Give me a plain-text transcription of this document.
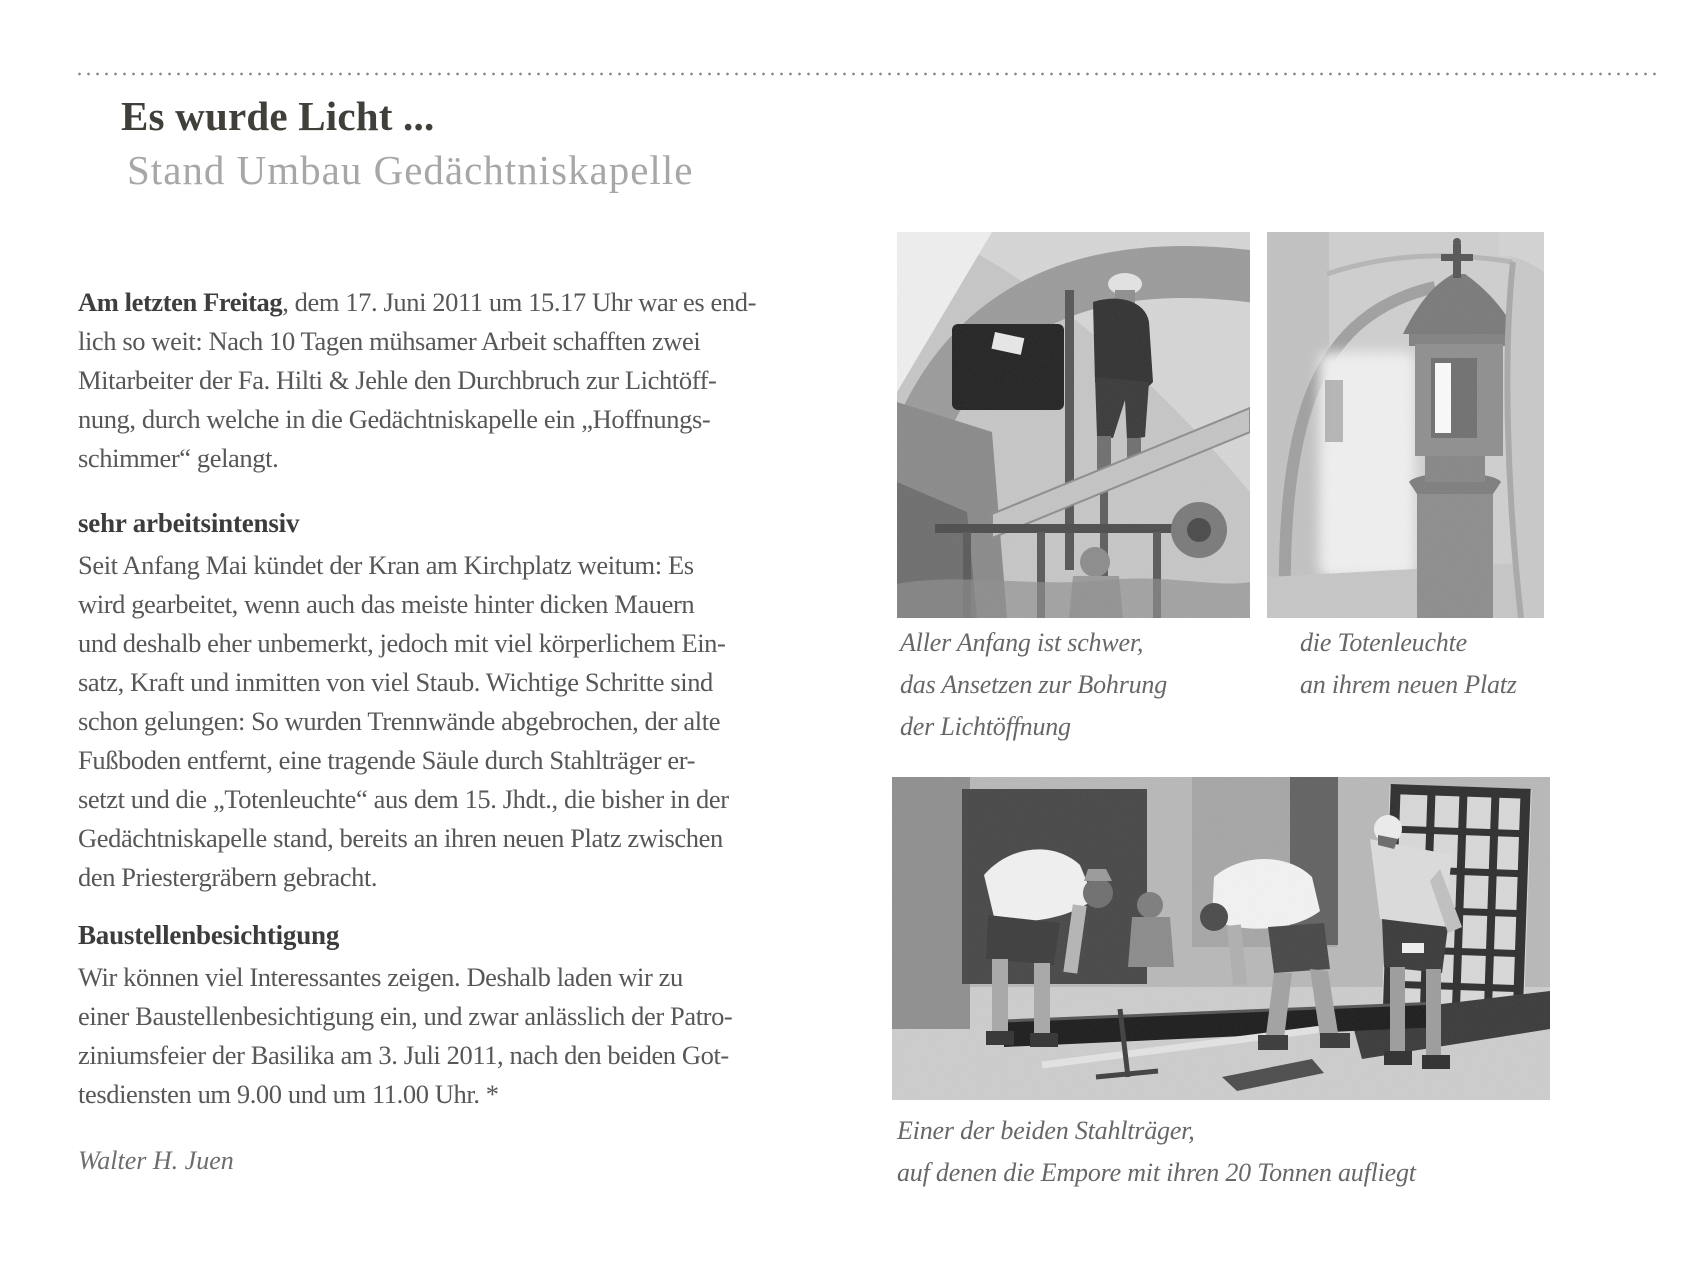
Es wurde Licht ...
Stand Umbau Gedächtniskapelle
Am letzten Freitag, dem 17. Juni 2011 um 15.17 Uhr war es end-
lich so weit: Nach 10 Tagen mühsamer Arbeit schafften zwei
Mitarbeiter der Fa. Hilti & Jehle den Durchbruch zur Lichtöff-
nung, durch welche in die Gedächtniskapelle ein „Hoffnungs-
schimmer“ gelangt.
sehr arbeitsintensiv
Seit Anfang Mai kündet der Kran am Kirchplatz weitum: Es
wird gearbeitet, wenn auch das meiste hinter dicken Mauern
und deshalb eher unbemerkt, jedoch mit viel körperlichem Ein-
satz, Kraft und inmitten von viel Staub. Wichtige Schritte sind
schon gelungen: So wurden Trennwände abgebrochen, der alte
Fußboden entfernt, eine tragende Säule durch Stahlträger er-
setzt und die „Totenleuchte“ aus dem 15. Jhdt., die bisher in der
Gedächtniskapelle stand, bereits an ihren neuen Platz zwischen
den Priestergräbern gebracht.
Baustellenbesichtigung
Wir können viel Interessantes zeigen. Deshalb laden wir zu
einer Baustellenbesichtigung ein, und zwar anlässlich der Patro-
ziniumsfeier der Basilika am 3. Juli 2011, nach den beiden Got-
tesdiensten um 9.00 und um 11.00 Uhr. *
Walter H. Juen
Aller Anfang ist schwer,
das Ansetzen zur Bohrung
der Lichtöffnung
die Totenleuchte
an ihrem neuen Platz
Einer der beiden Stahlträger,
auf denen die Empore mit ihren 20 Tonnen aufliegt
